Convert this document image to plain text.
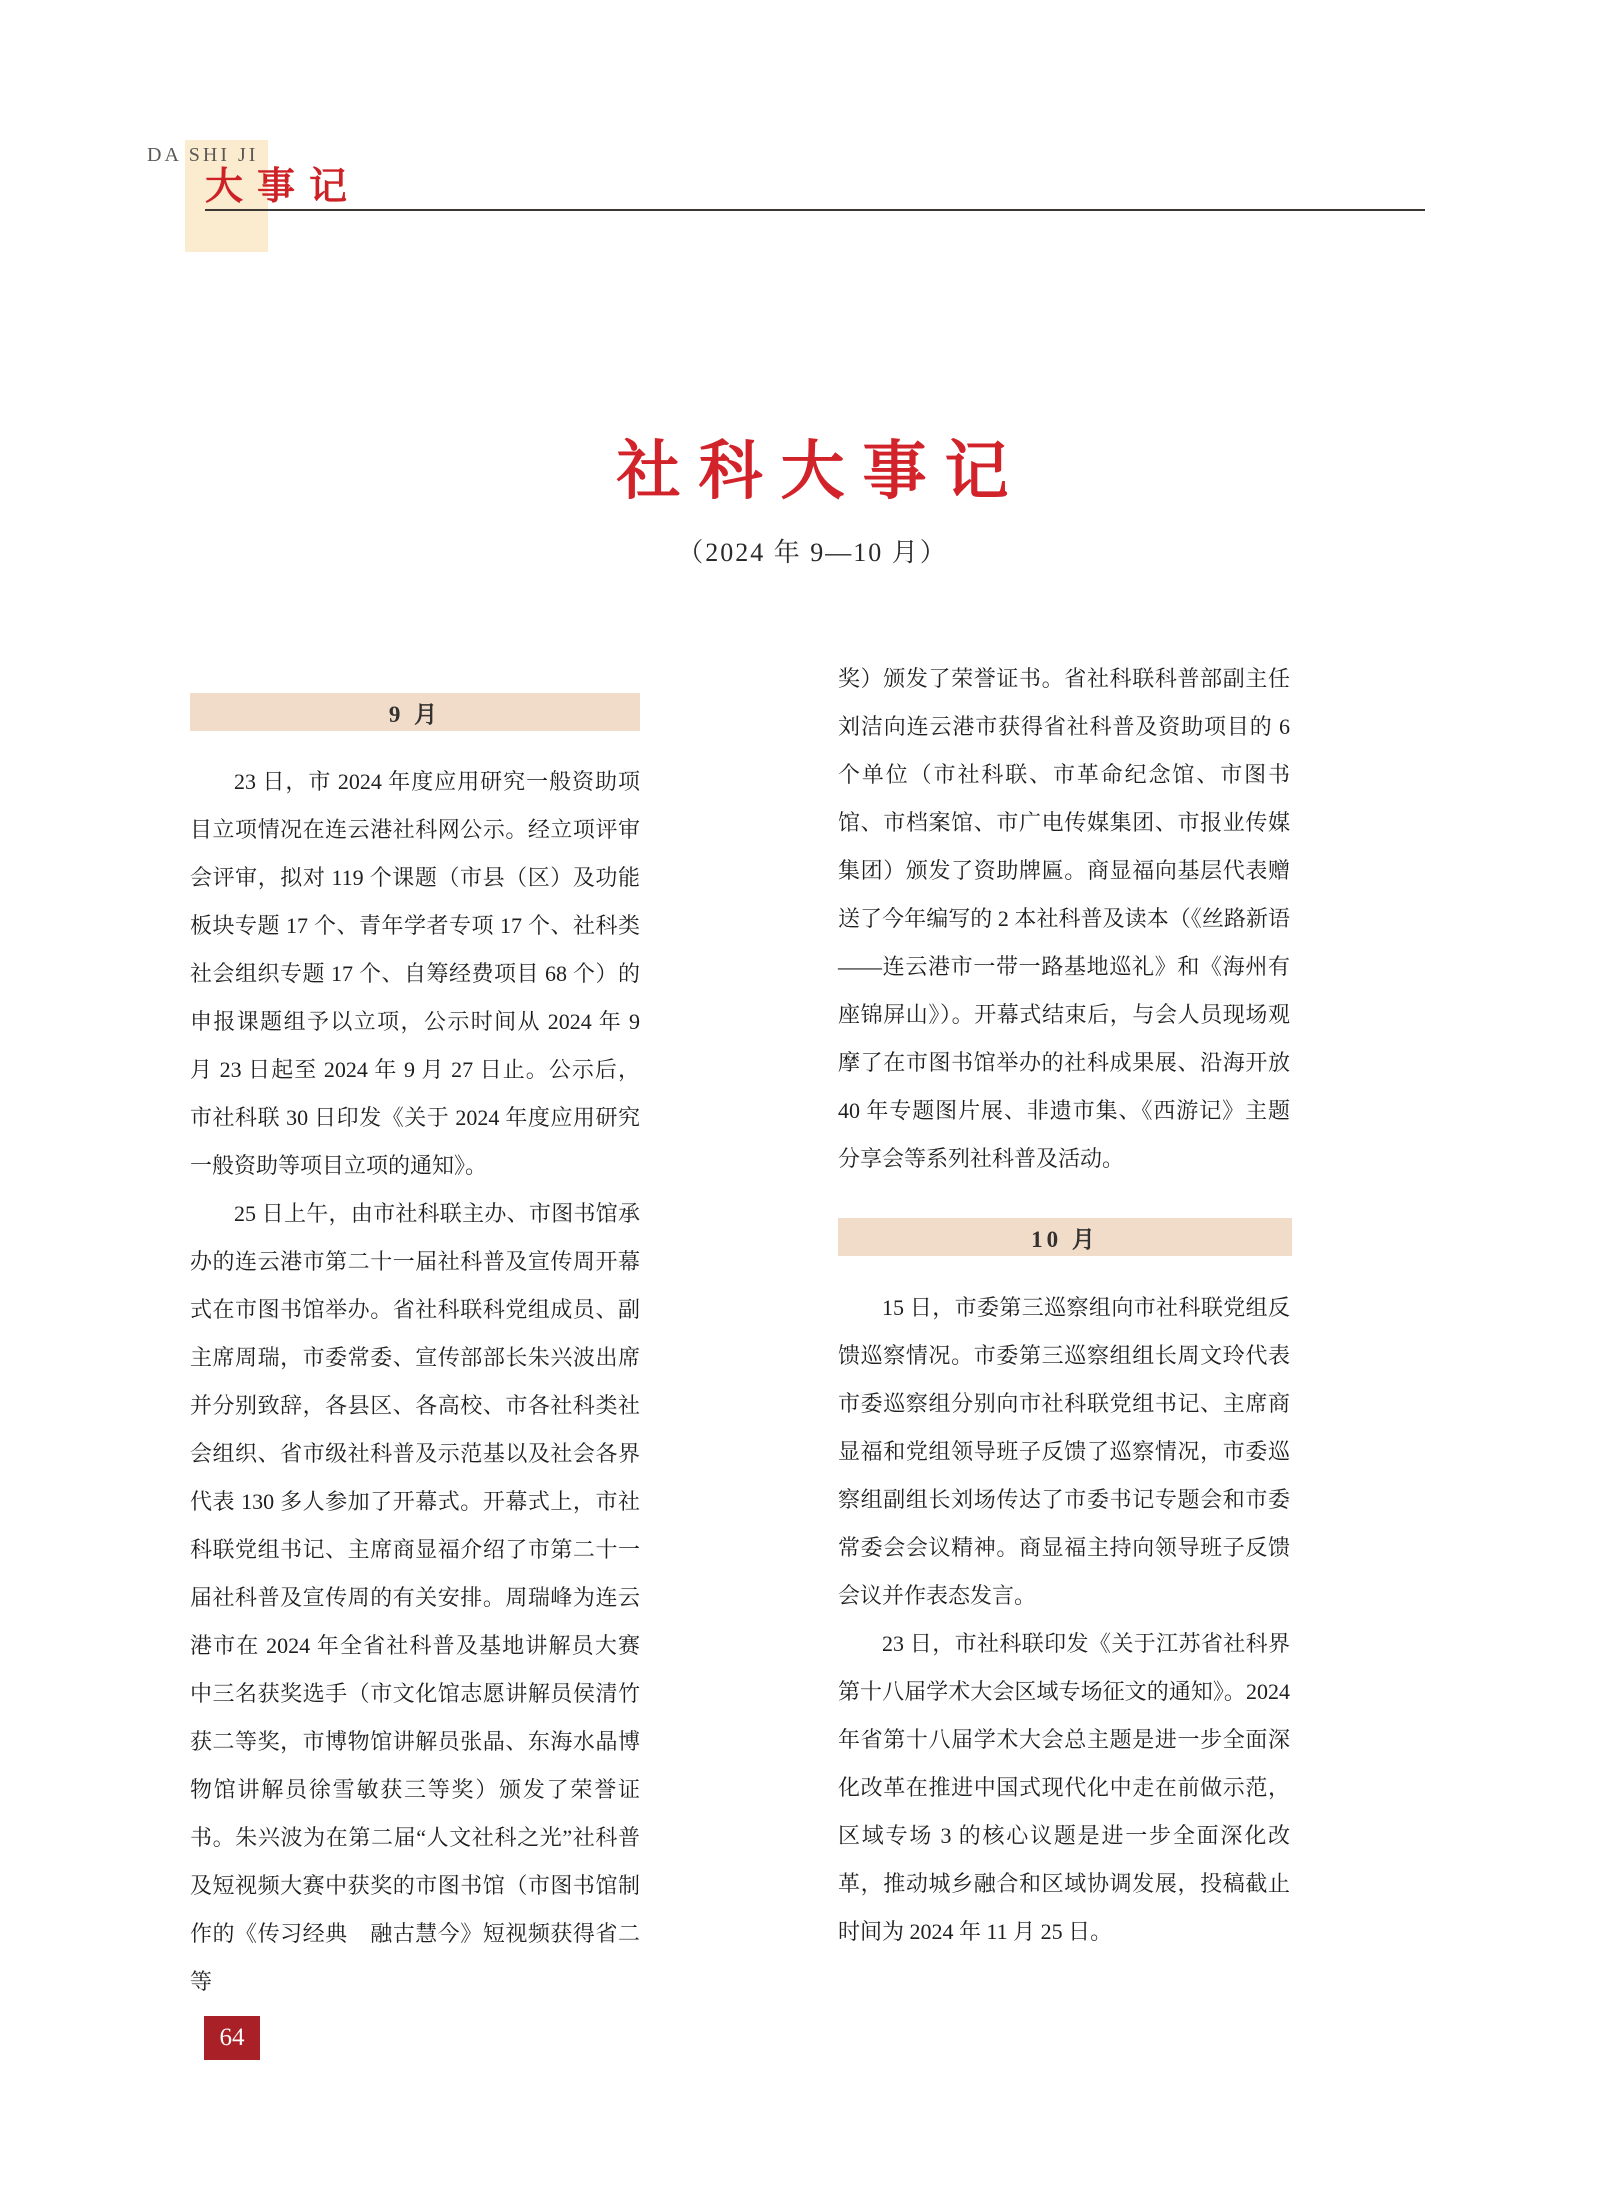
DA SHI JI
大事记
社科大事记
（2024 年 9—10 月）
9 月

23 日，市 2024 年度应用研究一般资助项目立项情况在连云港社科网公示。经立项评审会评审，拟对 119 个课题（市县（区）及功能板块专题 17 个、青年学者专项 17 个、社科类社会组织专题 17 个、自筹经费项目 68 个）的申报课题组予以立项，公示时间从 2024 年 9 月 23 日起至 2024 年 9 月 27 日止。公示后，市社科联 30 日印发《关于 2024 年度应用研究一般资助等项目立项的通知》。

25 日上午，由市社科联主办、市图书馆承办的连云港市第二十一届社科普及宣传周开幕式在市图书馆举办。省社科联科党组成员、副主席周瑞，市委常委、宣传部部长朱兴波出席并分别致辞，各县区、各高校、市各社科类社会组织、省市级社科普及示范基以及社会各界代表 130 多人参加了开幕式。开幕式上，市社科联党组书记、主席商显福介绍了市第二十一届社科普及宣传周的有关安排。周瑞峰为连云港市在 2024 年全省社科普及基地讲解员大赛中三名获奖选手（市文化馆志愿讲解员侯清竹获二等奖，市博物馆讲解员张晶、东海水晶博物馆讲解员徐雪敏获三等奖）颁发了荣誉证书。朱兴波为在第二届“人文社科之光”社科普及短视频大赛中获奖的市图书馆（市图书馆制作的《传习经典　融古慧今》短视频获得省二等

奖）颁发了荣誉证书。省社科联科普部副主任刘洁向连云港市获得省社科普及资助项目的 6 个单位（市社科联、市革命纪念馆、市图书馆、市档案馆、市广电传媒集团、市报业传媒集团）颁发了资助牌匾。商显福向基层代表赠送了今年编写的 2 本社科普及读本（《丝路新语——连云港市一带一路基地巡礼》和《海州有座锦屏山》）。开幕式结束后，与会人员现场观摩了在市图书馆举办的社科成果展、沿海开放 40 年专题图片展、非遗市集、《西游记》主题分享会等系列社科普及活动。

10 月

15 日，市委第三巡察组向市社科联党组反馈巡察情况。市委第三巡察组组长周文玲代表市委巡察组分别向市社科联党组书记、主席商显福和党组领导班子反馈了巡察情况，市委巡察组副组长刘场传达了市委书记专题会和市委常委会会议精神。商显福主持向领导班子反馈会议并作表态发言。

23 日，市社科联印发《关于江苏省社科界第十八届学术大会区域专场征文的通知》。2024 年省第十八届学术大会总主题是进一步全面深化改革在推进中国式现代化中走在前做示范，区域专场 3 的核心议题是进一步全面深化改革，推动城乡融合和区域协调发展，投稿截止时间为 2024 年 11 月 25 日。

64
